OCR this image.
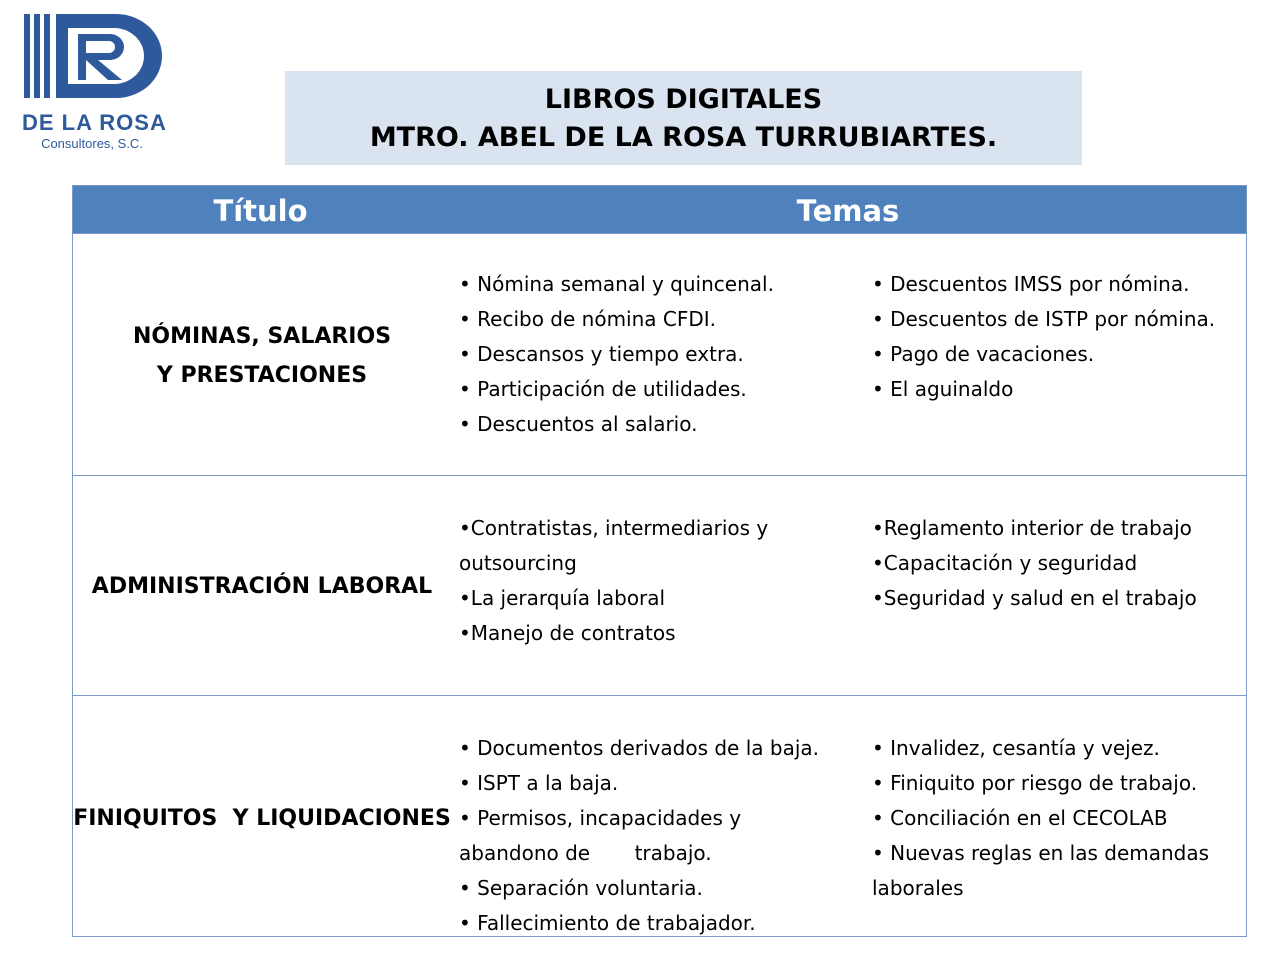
DE LA ROSA
Consultores, S.C.
LIBROS DIGITALES
MTRO. ABEL DE LA ROSA TURRUBIARTES.
Título	Temas
NÓMINAS, SALARIOS
Y PRESTACIONES
• Nómina semanal y quincenal.
• Recibo de nómina CFDI.
• Descansos y tiempo extra.
• Participación de utilidades.
• Descuentos al salario.
• Descuentos IMSS por nómina.
• Descuentos de ISTP por nómina.
• Pago de vacaciones.
• El aguinaldo
ADMINISTRACIÓN LABORAL
•Contratistas, intermediarios y
outsourcing
•La jerarquía laboral
•Manejo de contratos
•Reglamento interior de trabajo
•Capacitación y seguridad
•Seguridad y salud en el trabajo
FINIQUITOS  Y LIQUIDACIONES
• Documentos derivados de la baja.
• ISPT a la baja.
• Permisos, incapacidades y
abandono de       trabajo.
• Separación voluntaria.
• Fallecimiento de trabajador.
• Invalidez, cesantía y vejez.
• Finiquito por riesgo de trabajo.
• Conciliación en el CECOLAB
• Nuevas reglas en las demandas
laborales
